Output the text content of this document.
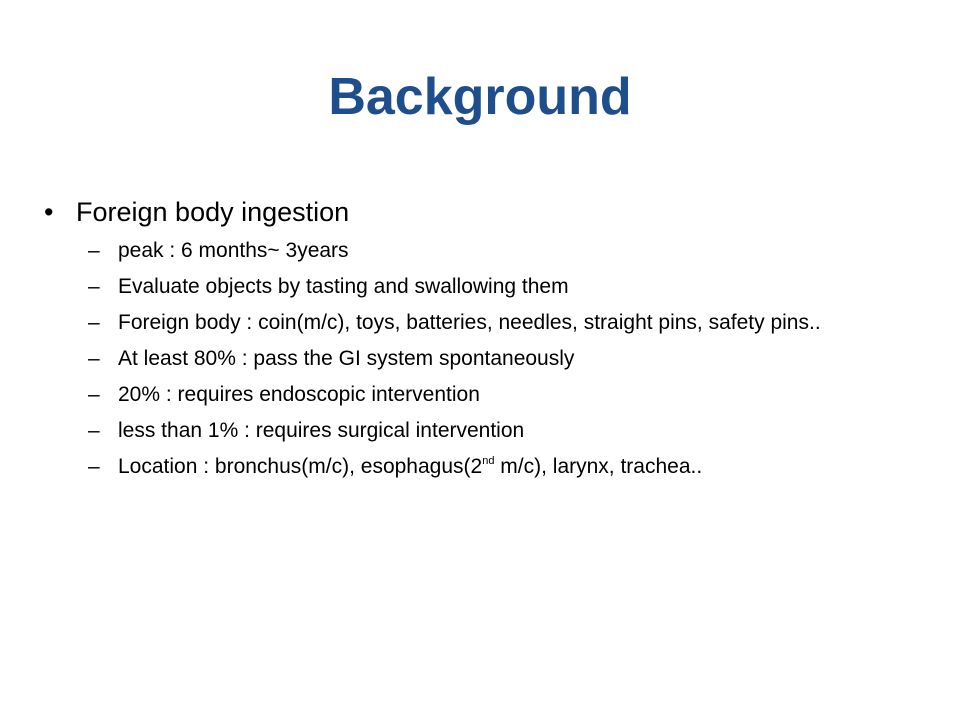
Background
• Foreign body ingestion
– peak : 6 months~ 3years
– Evaluate objects by tasting and swallowing them
– Foreign body : coin(m/c), toys, batteries, needles, straight pins, safety pins..
– At least 80% : pass the GI system spontaneously
– 20% : requires endoscopic intervention
– less than 1% : requires surgical intervention
– Location : bronchus(m/c), esophagus(2nd m/c), larynx, trachea..
